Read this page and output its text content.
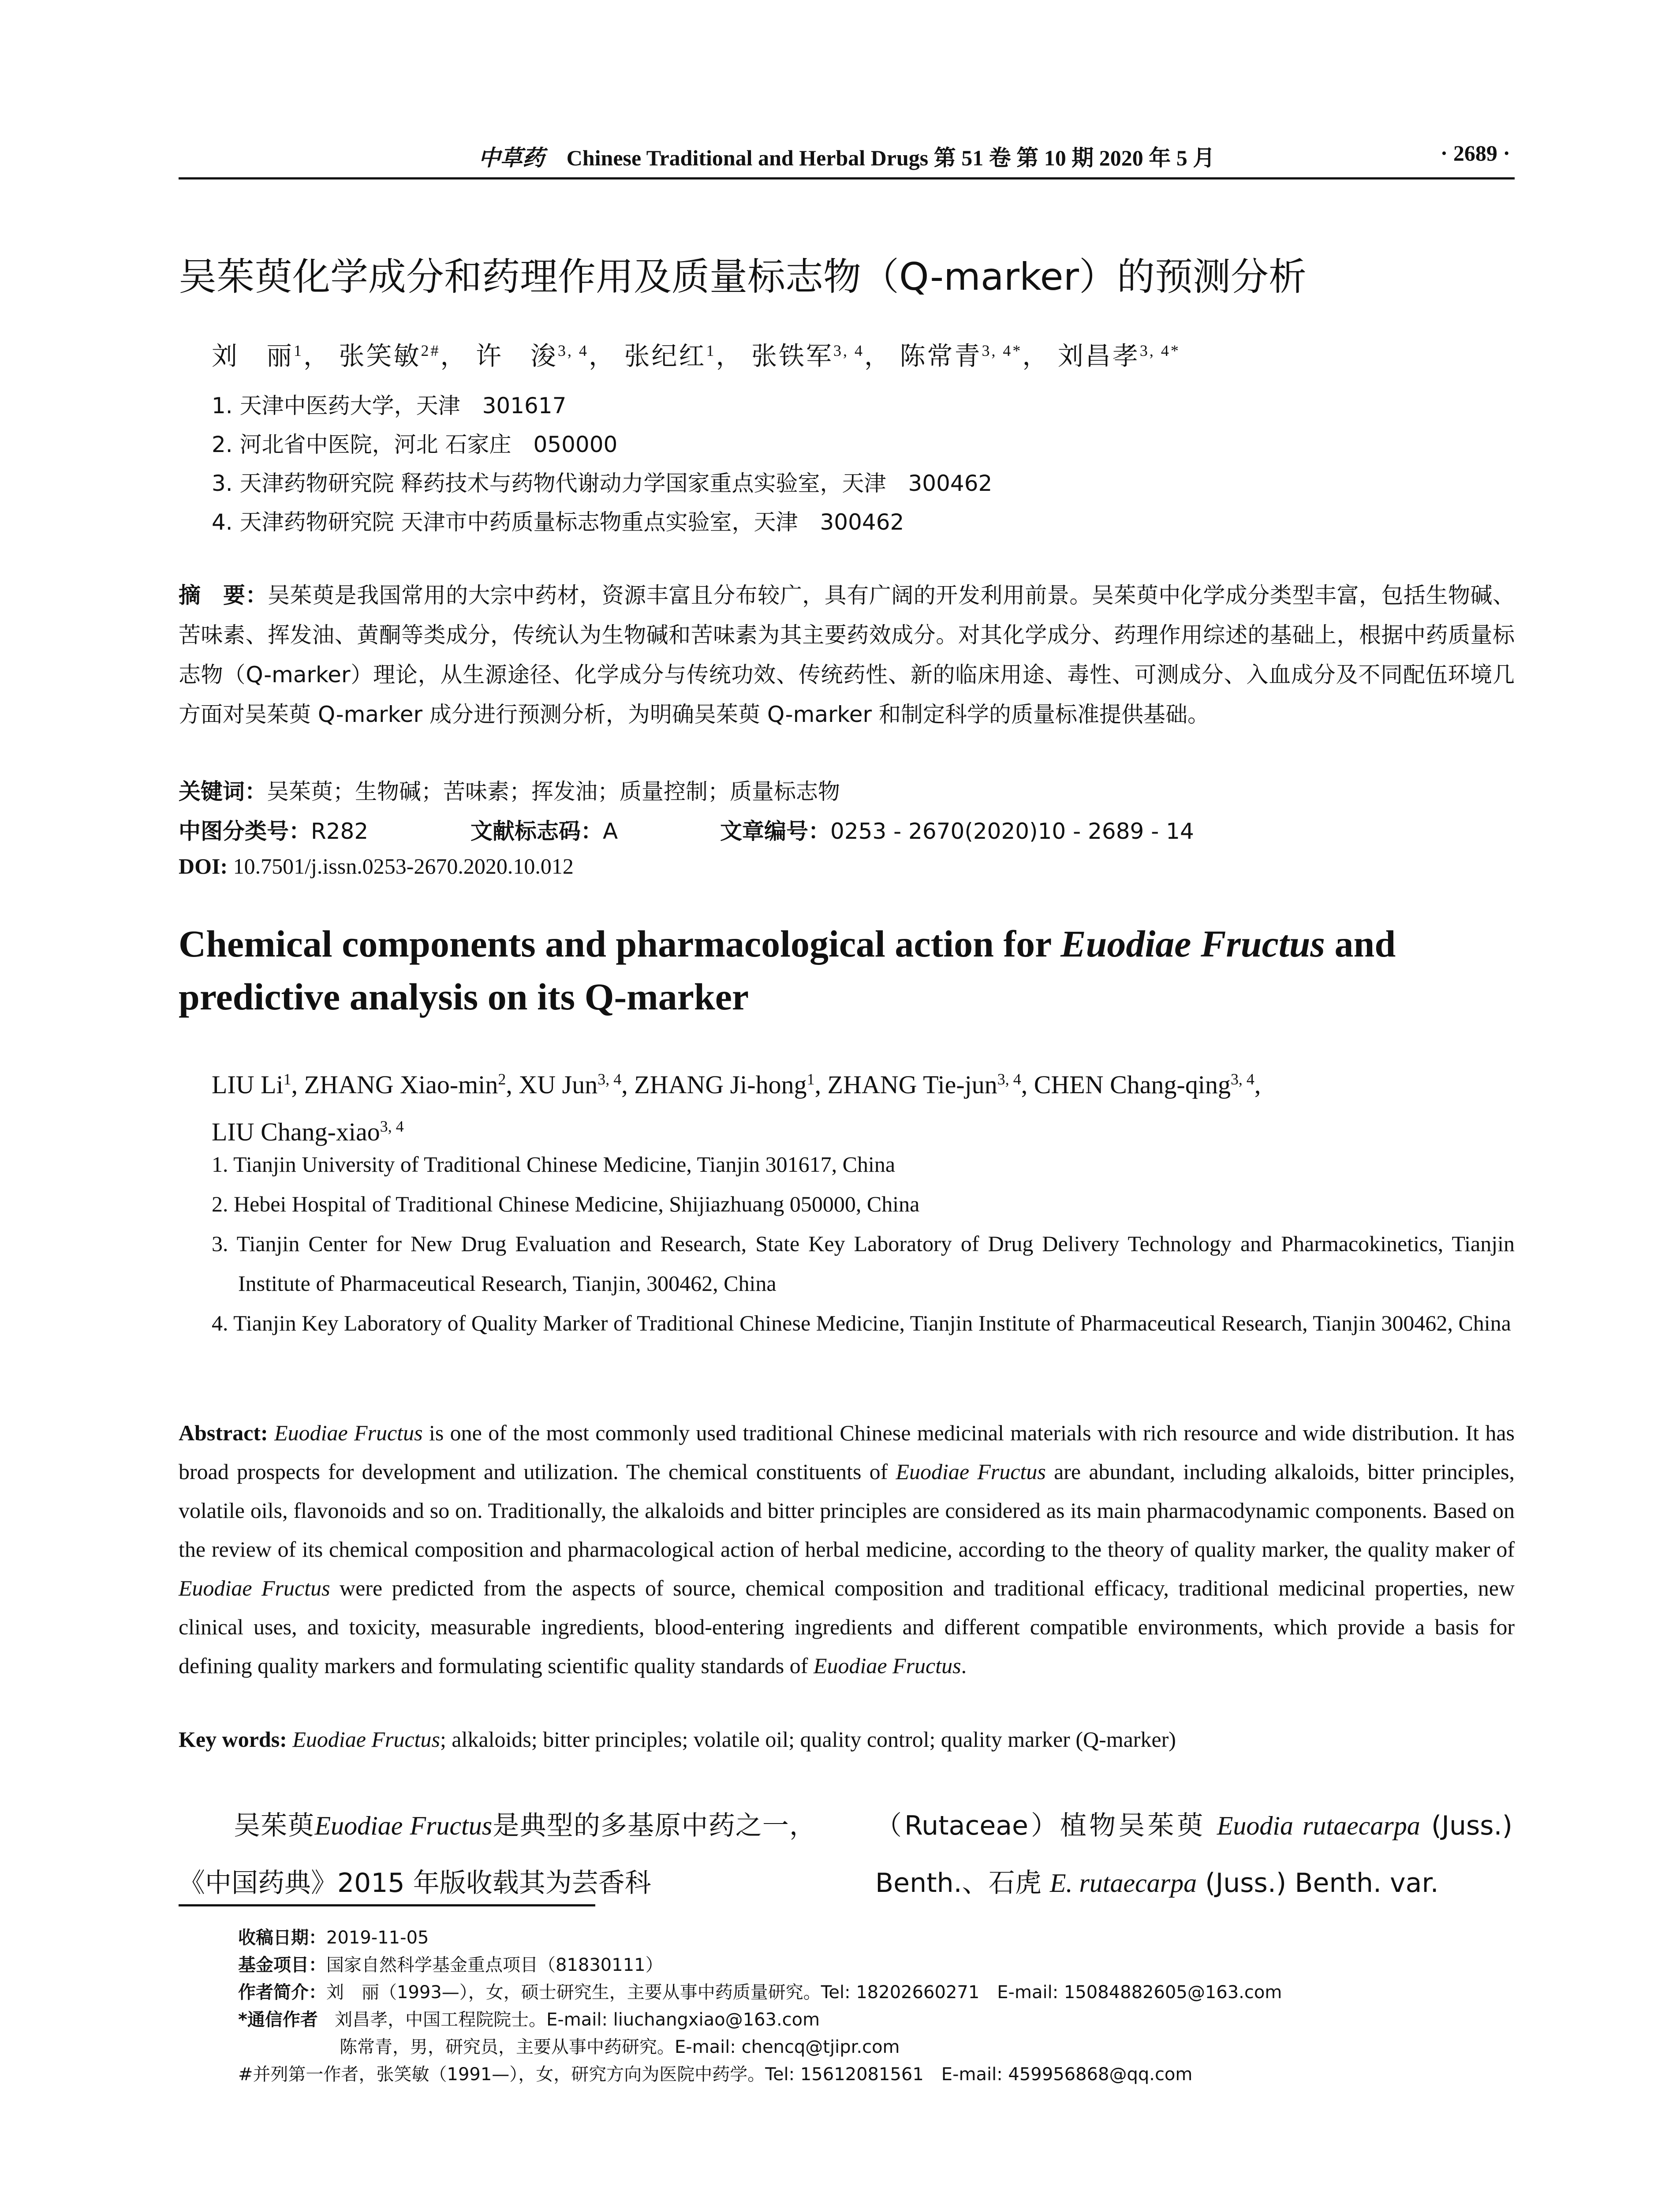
中草药 Chinese Traditional and Herbal Drugs 第 51 卷 第 10 期 2020 年 5 月	· 2689 ·
吴茱萸化学成分和药理作用及质量标志物（Q-marker）的预测分析
刘　丽$^1$， 张笑敏$^{2\#}$， 许　浚$^{3, 4}$， 张纪红$^1$， 张铁军$^{3, 4}$， 陈常青$^{3, 4*}$， 刘昌孝$^{3, 4*}$
1. 天津中医药大学，天津　301617
2. 河北省中医院，河北 石家庄　050000
3. 天津药物研究院 释药技术与药物代谢动力学国家重点实验室，天津　300462
4. 天津药物研究院 天津市中药质量标志物重点实验室，天津　300462
摘　要：吴茱萸是我国常用的大宗中药材，资源丰富且分布较广，具有广阔的开发利用前景。吴茱萸中化学成分类型丰富，包括生物碱、苦味素、挥发油、黄酮等类成分，传统认为生物碱和苦味素为其主要药效成分。对其化学成分、药理作用综述的基础上，根据中药质量标志物（Q-marker）理论，从生源途径、化学成分与传统功效、传统药性、新的临床用途、毒性、可测成分、入血成分及不同配伍环境几方面对吴茱萸 Q-marker 成分进行预测分析，为明确吴茱萸 Q-marker 和制定科学的质量标准提供基础。
关键词：吴茱萸；生物碱；苦味素；挥发油；质量控制；质量标志物
中图分类号：R282	文献标志码：A	文章编号：0253 - 2670(2020)10 - 2689 - 14
DOI: 10.7501/j.issn.0253-2670.2020.10.012
Chemical components and pharmacological action for Euodiae Fructus and predictive analysis on its Q-marker
LIU Li$^1$, ZHANG Xiao-$\min^2$, XU Jun$^{3, 4}$, ZHANG Ji-hong$^1$, ZHANG Tie-jun$^{3, 4}$, CHEN Chang-qing$^{3, 4}$,
LIU Chang-xiao$^{3, 4}$
1. Tianjin University of Traditional Chinese Medicine, Tianjin 301617, China
2. Hebei Hospital of Traditional Chinese Medicine, Shijiazhuang 050000, China
3. Tianjin Center for New Drug Evaluation and Research, State Key Laboratory of Drug Delivery Technology and Pharmacokinetics, Tianjin Institute of Pharmaceutical Research, Tianjin, 300462, China
4. Tianjin Key Laboratory of Quality Marker of Traditional Chinese Medicine, Tianjin Institute of Pharmaceutical Research, Tianjin 300462, China
Abstract: Euodiae Fructus is one of the most commonly used traditional Chinese medicinal materials with rich resource and wide distribution. It has broad prospects for development and utilization. The chemical constituents of Euodiae Fructus are abundant, including alkaloids, bitter principles, volatile oils, flavonoids and so on. Traditionally, the alkaloids and bitter principles are considered as its main pharmacodynamic components. Based on the review of its chemical composition and pharmacological action of herbal medicine, according to the theory of quality marker, the quality maker of Euodiae Fructus were predicted from the aspects of source, chemical composition and traditional efficacy, traditional medicinal properties, new clinical uses, and toxicity, measurable ingredients, blood-entering ingredients and different compatible environments, which provide a basis for defining quality markers and formulating scientific quality standards of Euodiae Fructus.
Key words: Euodiae Fructus; alkaloids; bitter principles; volatile oil; quality control; quality marker (Q-marker)
吴茱萸Euodiae Fructus是典型的多基原中药之一，《中国药典》2015 年版收载其为芸香科
（Rutaceae）植物吴茱萸 Euodia rutaecarpa (Juss.) Benth.、石虎 E. rutaecarpa (Juss.) Benth. var.
收稿日期：2019-11-05
基金项目：国家自然科学基金重点项目（81830111）
作者简介：刘　丽（1993—），女，硕士研究生，主要从事中药质量研究。Tel: 18202660271　E-mail: 15084882605@163.com
*通信作者 刘昌孝，中国工程院院士。E-mail: liuchangxiao@163.com
陈常青，男，研究员，主要从事中药研究。E-mail: chencq@tjipr.com
#并列第一作者，张笑敏（1991—），女，研究方向为医院中药学。Tel: 15612081561　E-mail: 459956868@qq.com
